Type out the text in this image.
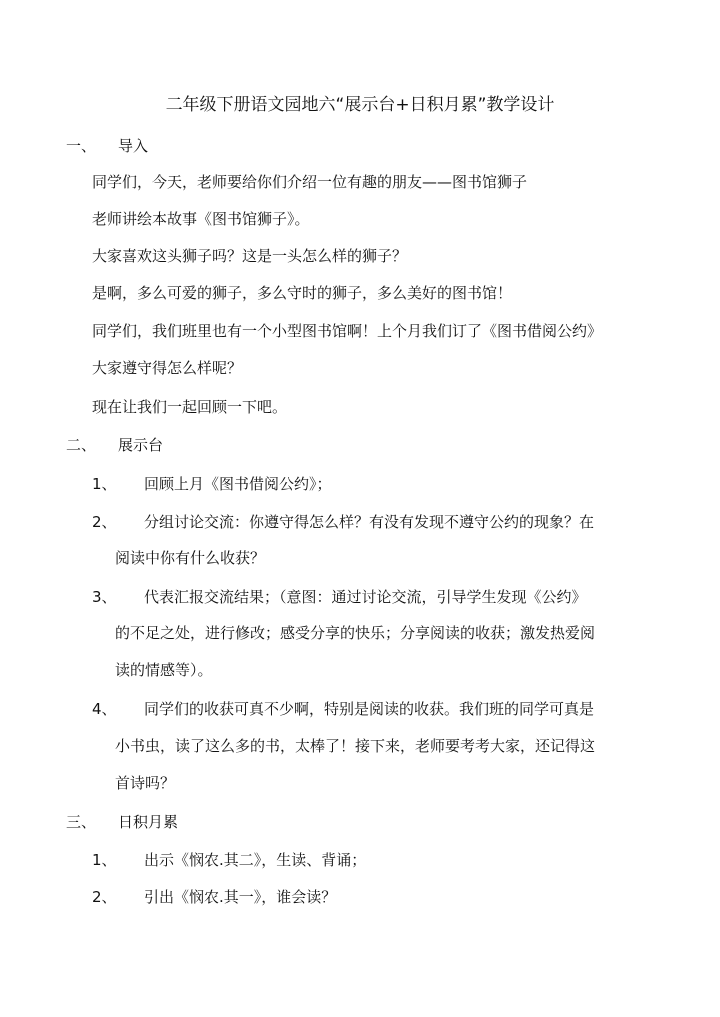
二年级下册语文园地六“展示台+日积月累”教学设计
一、 导入
同学们，今天，老师要给你们介绍一位有趣的朋友——图书馆狮子
老师讲绘本故事《图书馆狮子》。
大家喜欢这头狮子吗？这是一头怎么样的狮子？
是啊，多么可爱的狮子，多么守时的狮子，多么美好的图书馆！
同学们，我们班里也有一个小型图书馆啊！上个月我们订了《图书借阅公约》
大家遵守得怎么样呢？
现在让我们一起回顾一下吧。
二、 展示台
1、 回顾上月《图书借阅公约》；
2、 分组讨论交流：你遵守得怎么样？有没有发现不遵守公约的现象？在
阅读中你有什么收获？
3、 代表汇报交流结果；（意图：通过讨论交流，引导学生发现《公约》
的不足之处，进行修改；感受分享的快乐；分享阅读的收获；激发热爱阅
读的情感等）。
4、 同学们的收获可真不少啊，特别是阅读的收获。我们班的同学可真是
小书虫，读了这么多的书，太棒了！接下来，老师要考考大家，还记得这
首诗吗？
三、 日积月累
1、 出示《悯农.其二》，生读、背诵；
2、 引出《悯农.其一》，谁会读？
